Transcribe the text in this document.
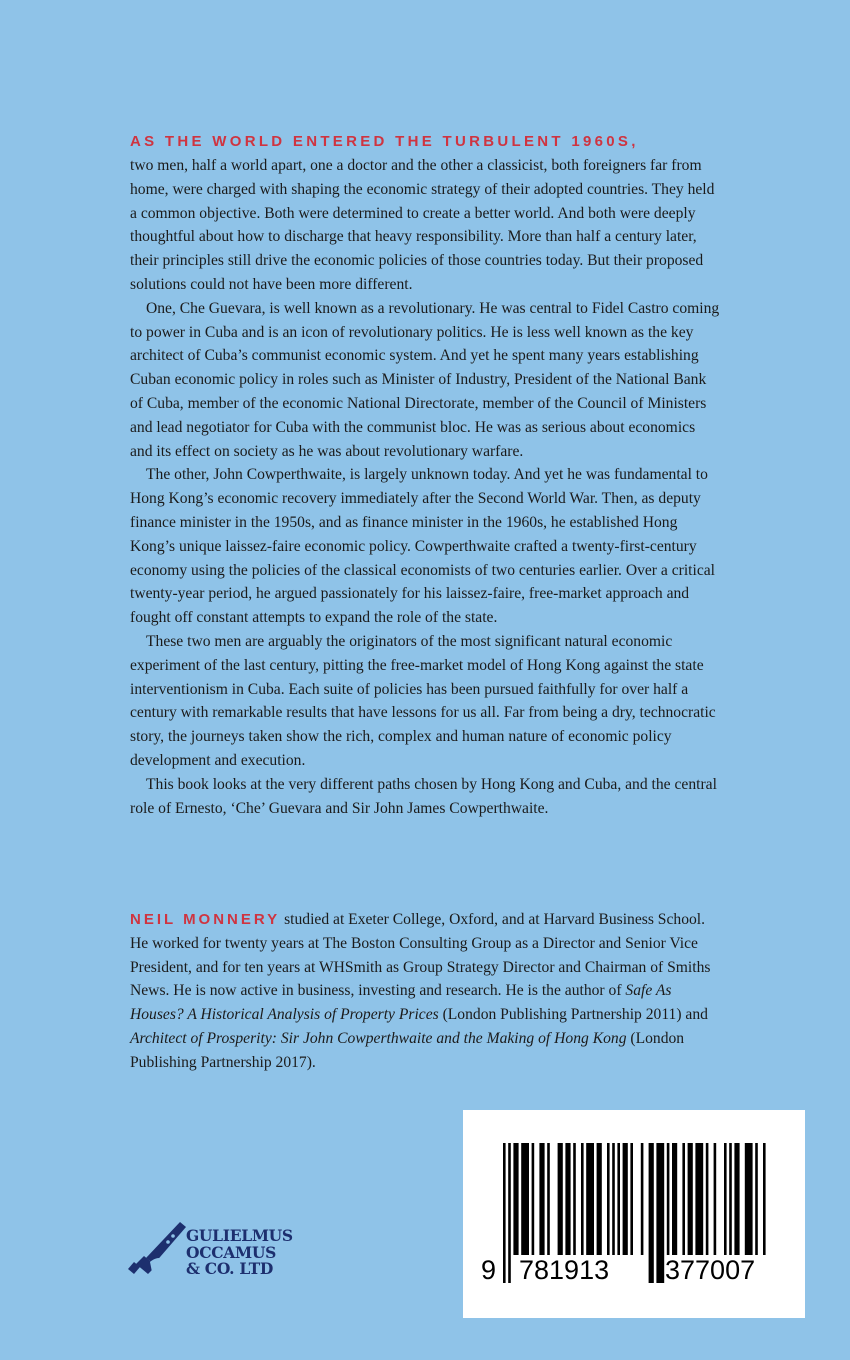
AS THE WORLD ENTERED THE TURBULENT 1960S,
two men, half a world apart, one a doctor and the other a classicist, both foreigners far from home, were charged with shaping the economic strategy of their adopted countries. They held a common objective. Both were determined to create a better world. And both were deeply thoughtful about how to discharge that heavy responsibility. More than half a century later, their principles still drive the economic policies of those countries today. But their proposed solutions could not have been more different.

One, Che Guevara, is well known as a revolutionary. He was central to Fidel Castro coming to power in Cuba and is an icon of revolutionary politics. He is less well known as the key architect of Cuba’s communist economic system. And yet he spent many years establishing Cuban economic policy in roles such as Minister of Industry, President of the National Bank of Cuba, member of the economic National Directorate, member of the Council of Ministers and lead negotiator for Cuba with the communist bloc. He was as serious about economics and its effect on society as he was about revolutionary warfare.

The other, John Cowperthwaite, is largely unknown today. And yet he was fundamental to Hong Kong’s economic recovery immediately after the Second World War. Then, as deputy finance minister in the 1950s, and as finance minister in the 1960s, he established Hong Kong’s unique laissez-faire economic policy. Cowperthwaite crafted a twenty-first-century economy using the policies of the classical economists of two centuries earlier. Over a critical twenty-year period, he argued passionately for his laissez-faire, free-market approach and fought off constant attempts to expand the role of the state.

These two men are arguably the originators of the most significant natural economic experiment of the last century, pitting the free-market model of Hong Kong against the state interventionism in Cuba. Each suite of policies has been pursued faithfully for over half a century with remarkable results that have lessons for us all. Far from being a dry, technocratic story, the journeys taken show the rich, complex and human nature of economic policy development and execution.

This book looks at the very different paths chosen by Hong Kong and Cuba, and the central role of Ernesto, ‘Che’ Guevara and Sir John James Cowperthwaite.

NEIL MONNERY studied at Exeter College, Oxford, and at Harvard Business School. He worked for twenty years at The Boston Consulting Group as a Director and Senior Vice President, and for ten years at WHSmith as Group Strategy Director and Chairman of Smiths News. He is now active in business, investing and research. He is the author of Safe As Houses? A Historical Analysis of Property Prices (London Publishing Partnership 2011) and Architect of Prosperity: Sir John Cowperthwaite and the Making of Hong Kong (London Publishing Partnership 2017).

GULIELMUS
OCCAMUS
& CO. LTD	9 781913 377007
